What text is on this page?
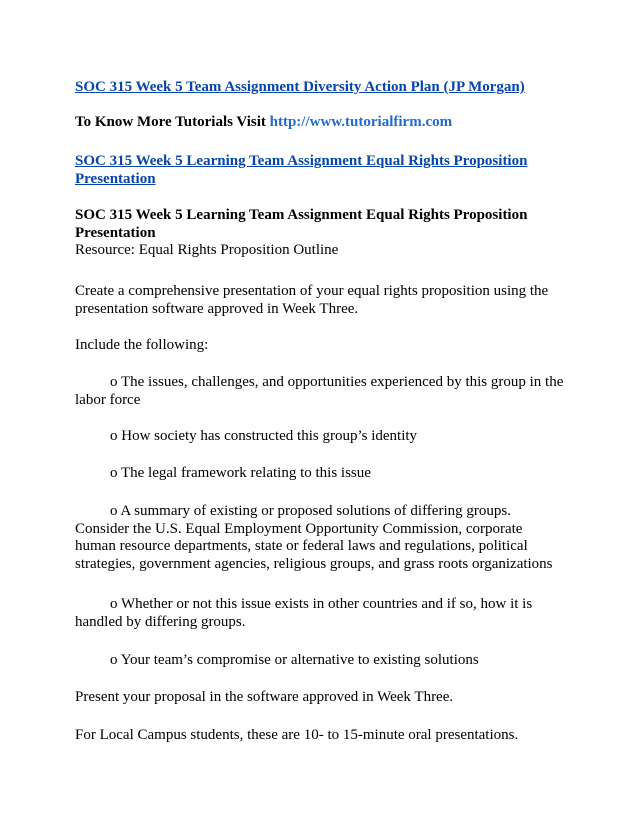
SOC 315 Week 5 Team Assignment Diversity Action Plan (JP Morgan)

To Know More Tutorials Visit http://www.tutorialfirm.com

SOC 315 Week 5 Learning Team Assignment Equal Rights Proposition Presentation

SOC 315 Week 5 Learning Team Assignment Equal Rights Proposition Presentation
Resource: Equal Rights Proposition Outline

Create a comprehensive presentation of your equal rights proposition using the presentation software approved in Week Three.

Include the following:

o The issues, challenges, and opportunities experienced by this group in the labor force

o How society has constructed this group’s identity

o The legal framework relating to this issue

o A summary of existing or proposed solutions of differing groups. Consider the U.S. Equal Employment Opportunity Commission, corporate human resource departments, state or federal laws and regulations, political strategies, government agencies, religious groups, and grass roots organizations

o Whether or not this issue exists in other countries and if so, how it is handled by differing groups.

o Your team’s compromise or alternative to existing solutions

Present your proposal in the software approved in Week Three.

For Local Campus students, these are 10- to 15-minute oral presentations.
